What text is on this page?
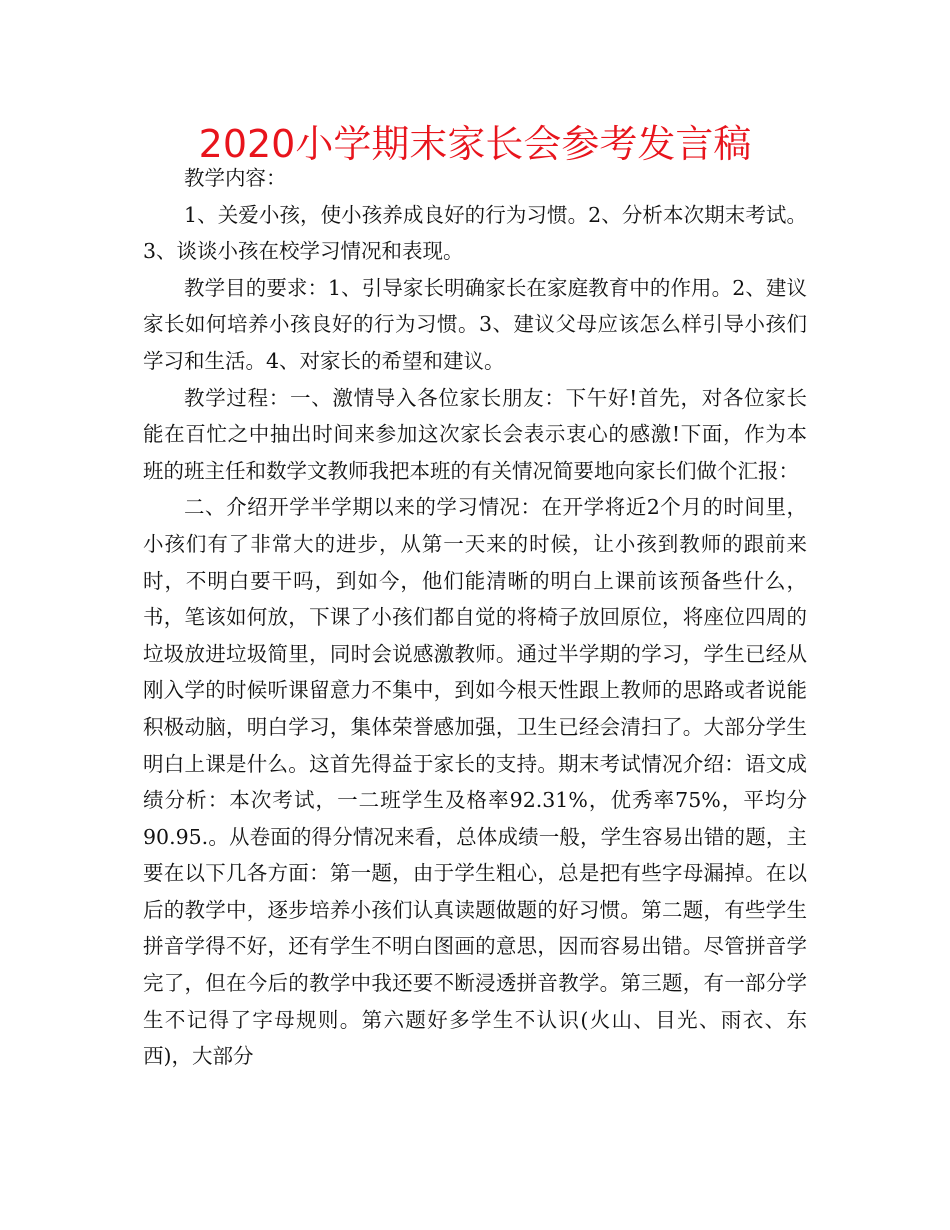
2020小学期末家长会参考发言稿

教学内容：

1、关爱小孩，使小孩养成良好的行为习惯。2、分析本次期末考试。3、谈谈小孩在校学习情况和表现。

教学目的要求：1、引导家长明确家长在家庭教育中的作用。2、建议家长如何培养小孩良好的行为习惯。3、建议父母应该怎么样引导小孩们学习和生活。4、对家长的希望和建议。

教学过程：一、激情导入各位家长朋友：下午好!首先，对各位家长能在百忙之中抽出时间来参加这次家长会表示衷心的感激!下面，作为本班的班主任和数学文教师我把本班的有关情况简要地向家长们做个汇报：

二、介绍开学半学期以来的学习情况：在开学将近2个月的时间里，小孩们有了非常大的进步，从第一天来的时候，让小孩到教师的跟前来时，不明白要干吗，到如今，他们能清晰的明白上课前该预备些什么，书，笔该如何放，下课了小孩们都自觉的将椅子放回原位，将座位四周的垃圾放进垃圾简里，同时会说感激教师。通过半学期的学习，学生已经从刚入学的时候听课留意力不集中，到如今根天性跟上教师的思路或者说能积极动脑，明白学习，集体荣誉感加强，卫生已经会清扫了。大部分学生明白上课是什么。这首先得益于家长的支持。期末考试情况介绍：语文成绩分析：本次考试，一二班学生及格率92.31%，优秀率75%，平均分90.95.。从卷面的得分情况来看，总体成绩一般，学生容易出错的题，主要在以下几各方面：第一题，由于学生粗心，总是把有些字母漏掉。在以后的教学中，逐步培养小孩们认真读题做题的好习惯。第二题，有些学生拼音学得不好，还有学生不明白图画的意思，因而容易出错。尽管拼音学完了，但在今后的教学中我还要不断浸透拼音教学。第三题，有一部分学生不记得了字母规则。第六题好多学生不认识(火山、目光、雨衣、东西)，大部分
